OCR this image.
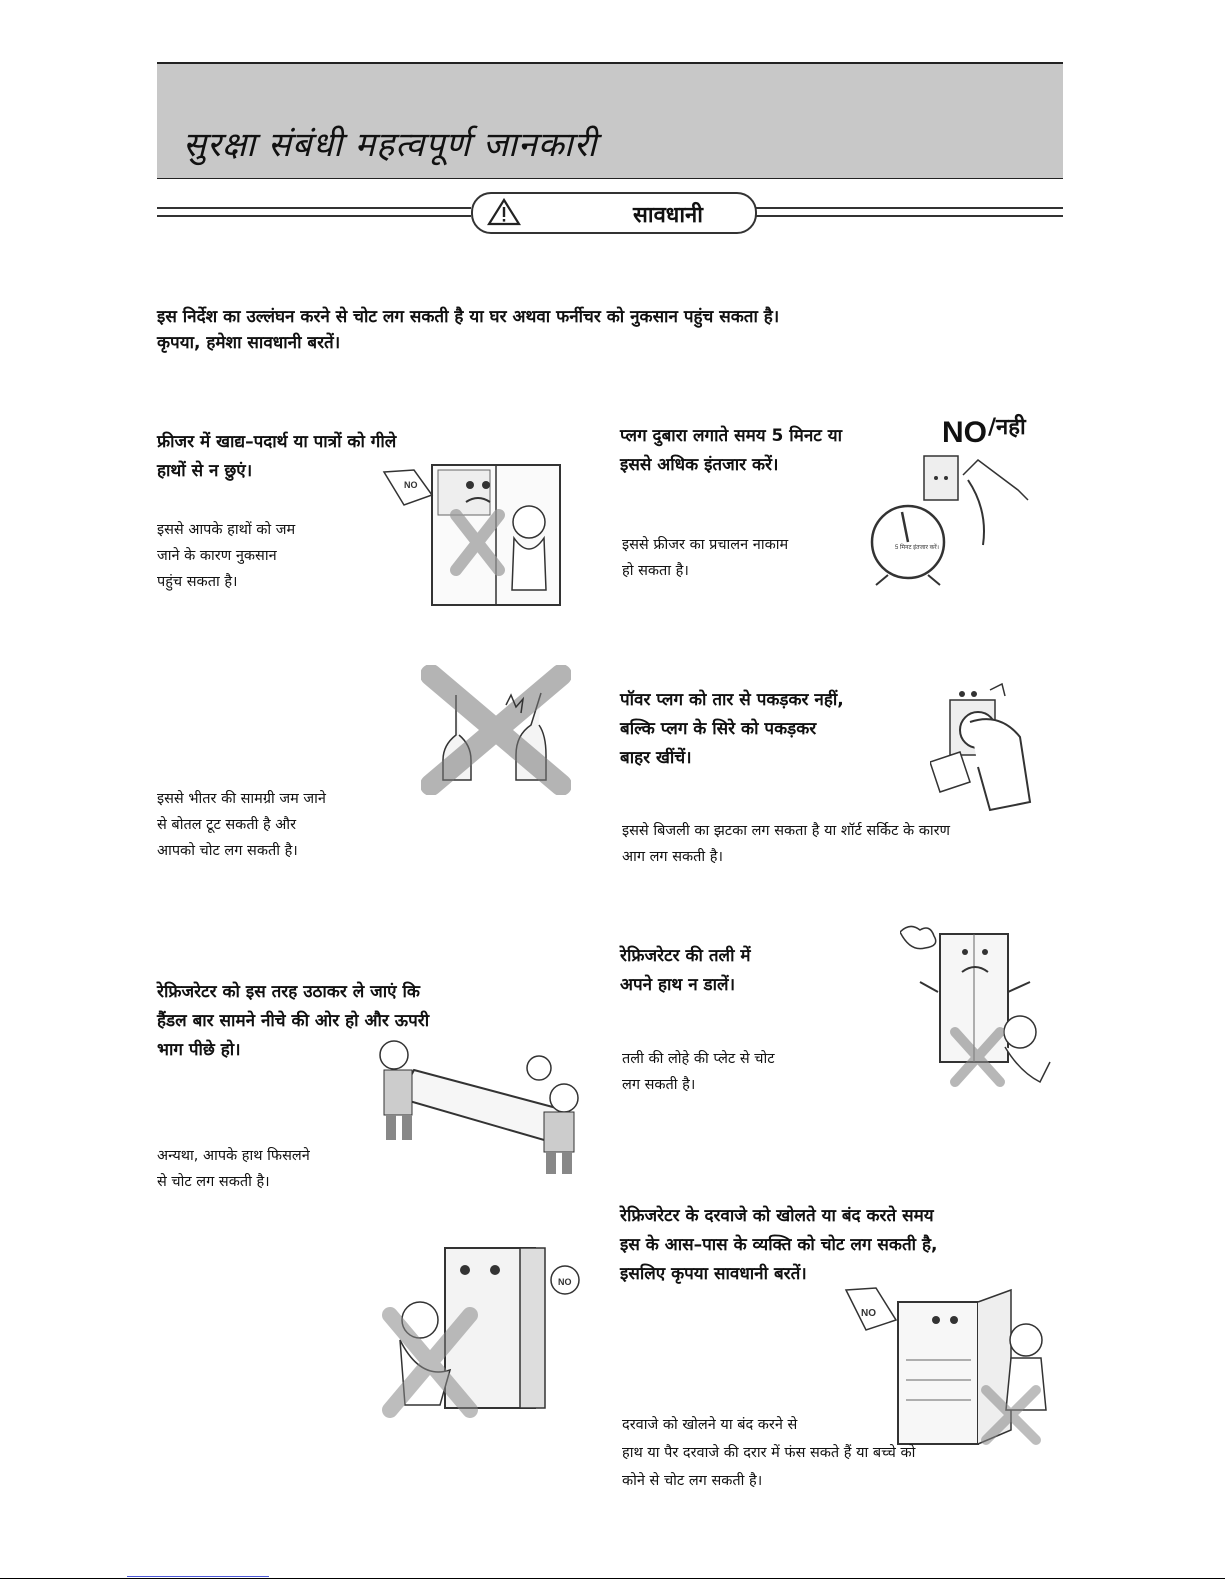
सुरक्षा संबंधी महत्वपूर्ण जानकारी
सावधानी
इस निर्देश का उल्लंघन करने से चोट लग सकती है या घर अथवा फर्नीचर को नुकसान पहुंच सकता है।
कृपया, हमेशा सावधानी बरतें।
फ्रीजर में खाद्य–पदार्थ या पात्रों को गीले
हाथों से न छुएं।
इससे आपके हाथों को जम
जाने के कारण नुकसान
पहुंच सकता है।
NO
प्लग दुबारा लगाते समय 5 मिनट या
इससे अधिक इंतजार करें।
NO /नही
इससे फ्रीजर का प्रचालन नाकाम
हो सकता है।
5 मिनट इंतजार करें।
इससे भीतर की सामग्री जम जाने
से बोतल टूट सकती है और
आपको चोट लग सकती है।
पॉवर प्लग को तार से पकड़कर नहीं,
बल्कि प्लग के सिरे को पकड़कर
बाहर खींचें।
इससे बिजली का झटका लग सकता है या शॉर्ट सर्किट के कारण
आग लग सकती है।
रेफ्रिजरेटर को इस तरह उठाकर ले जाएं कि
हैंडल बार सामने नीचे की ओर हो और ऊपरी
भाग पीछे हो।
अन्यथा, आपके हाथ फिसलने
से चोट लग सकती है।
रेफ्रिजरेटर की तली में
अपने हाथ न डालें।
तली की लोहे की प्लेट से चोट
लग सकती है।
NO
रेफ्रिजरेटर के दरवाजे को खोलते या बंद करते समय
इस के आस–पास के व्यक्ति को चोट लग सकती है,
इसलिए कृपया सावधानी बरतें।
NO
दरवाजे को खोलने या बंद करने से
हाथ या पैर दरवाजे की दरार में फंस सकते हैं या बच्चे को
कोने से चोट लग सकती है।
